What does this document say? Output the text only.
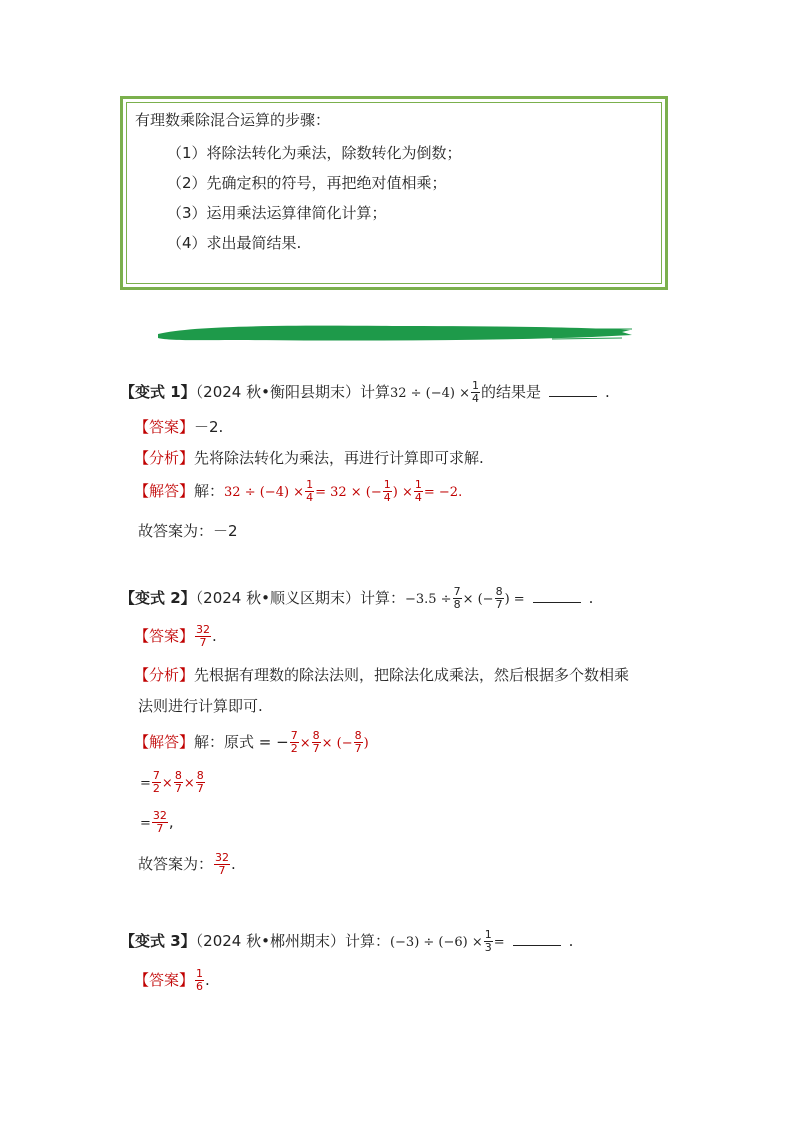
有理数乘除混合运算的步骤：
（1）将除法转化为乘法，除数转化为倒数；
（2）先确定积的符号，再把绝对值相乘；
（3）运用乘法运算律简化计算；
（4）求出最简结果.
【变式 1】（2024 秋•衡阳县期末）计算$32 \div (-4) \times \frac{1}{4}$ 的结果是	.
【答案】－2.
【分析】先将除法转化为乘法，再进行计算即可求解.
【解答】解：$32 \div (-4) \times \frac{1}{4} = 32$ × (− $\frac{1}{4}$ ) × $\frac{1}{4} = -2$.
故答案为：－2
【变式 2】（2024 秋•顺义区期末）计算：$-3.5 \div \frac{7}{8}$ × (− $\frac{8}{7}$ ) =	.
【答案】 $\frac{32}{7}$ .
【分析】先根据有理数的除法法则，把除法化成乘法，然后根据多个数相乘
法则进行计算即可.
【解答】解：原式 = − $\frac{7}{2} \times \frac{8}{7}$ × (− $\frac{8}{7}$ )
= $\frac{7}{2} \times \frac{8}{7} \times \frac{8}{7}$
= $\frac{32}{7}$ ,
故答案为： $\frac{32}{7}$ .
【变式 3】（2024 秋•郴州期末）计算：$(-3) \div (-6) \times \frac{1}{3}$ =	.
【答案】 $\frac{1}{6}$ .
